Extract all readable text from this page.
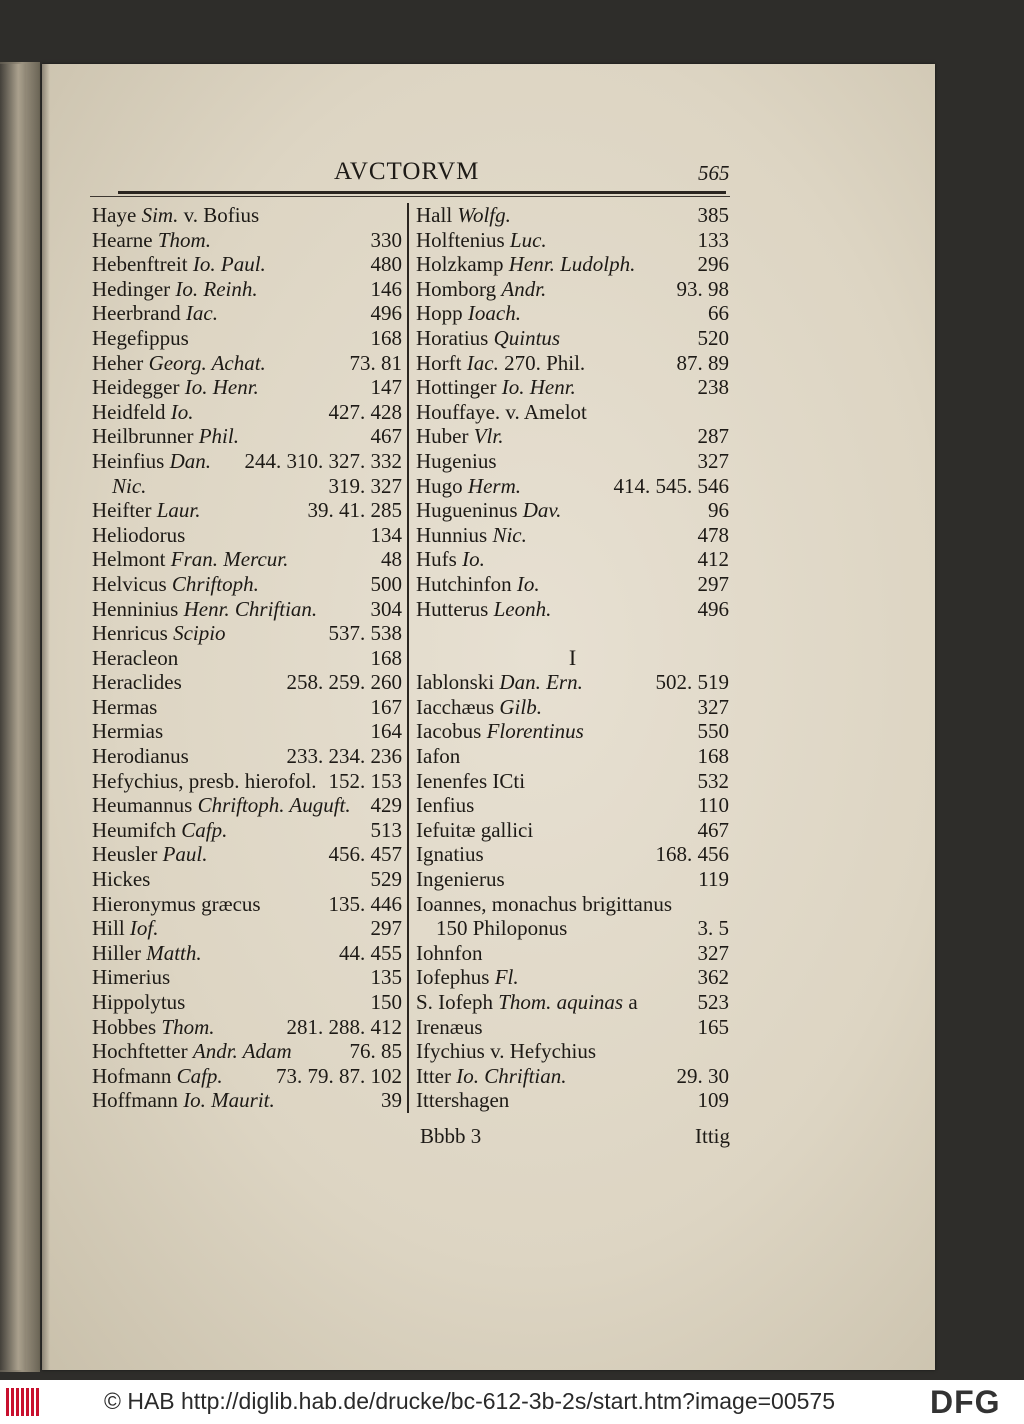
AVCTORVM	565
Haye Sim. v. Bofius
Hearne Thom.	330
Hebenftreit Io. Paul.	480
Hedinger Io. Reinh.	146
Heerbrand Iac.	496
Hegefippus	168
Heher Georg. Achat.	73. 81
Heidegger Io. Henr.	147
Heidfeld Io.	427. 428
Heilbrunner Phil.	467
Heinfius Dan. 244. 310. 327. 332
Nic.	319. 327
Heifter Laur.	39. 41. 285
Heliodorus	134
Helmont Fran. Mercur.	48
Helvicus Chriftoph.	500
Henninius Henr. Chriftian.	304
Henricus Scipio	537. 538
Heracleon	168
Heraclides	258. 259. 260
Hermas	167
Hermias	164
Herodianus	233. 234. 236
Hefychius, presb. hierofol. 152. 153
Heumannus Chriftoph. Auguft. 429
Heumifch Cafp.	513
Heusler Paul.	456. 457
Hickes	529
Hieronymus græcus	135. 446
Hill Iof.	297
Hiller Matth.	44. 455
Himerius	135
Hippolytus	150
Hobbes Thom.	281. 288. 412
Hochftetter Andr. Adam	76. 85
Hofmann Cafp.	73. 79. 87. 102
Hoffmann Io. Maurit.	39
Hall Wolfg.	385
Holftenius Luc.	133
Holzkamp Henr. Ludolph.	296
Homborg Andr.	93. 98
Hopp Ioach.	66
Horatius Quintus	520
Horft Iac. 270. Phil.	87. 89
Hottinger Io. Henr.	238
Houffaye. v. Amelot
Huber Vlr.	287
Hugenius	327
Hugo Herm.	414. 545. 546
Hugueninus Dav.	96
Hunnius Nic.	478
Hufs Io.	412
Hutchinfon Io.	297
Hutterus Leonh.	496
I
Iablonski Dan. Ern.	502. 519
Iacchæus Gilb.	327
Iacobus Florentinus	550
Iafon	168
Ienenfes ICti	532
Ienfius	110
Iefuitæ gallici	467
Ignatius	168. 456
Ingenierus	119
Ioannes, monachus brigittanus
150 Philoponus	3. 5
Iohnfon	327
Iofephus Fl.	362
S. Iofeph Thom. aquinas a	523
Irenæus	165
Ifychius v. Hefychius
Itter Io. Chriftian.	29. 30
Ittershagen	109
Bbbb 3	Ittig
© HAB http://diglib.hab.de/drucke/bc-612-3b-2s/start.htm?image=00575	DFG
